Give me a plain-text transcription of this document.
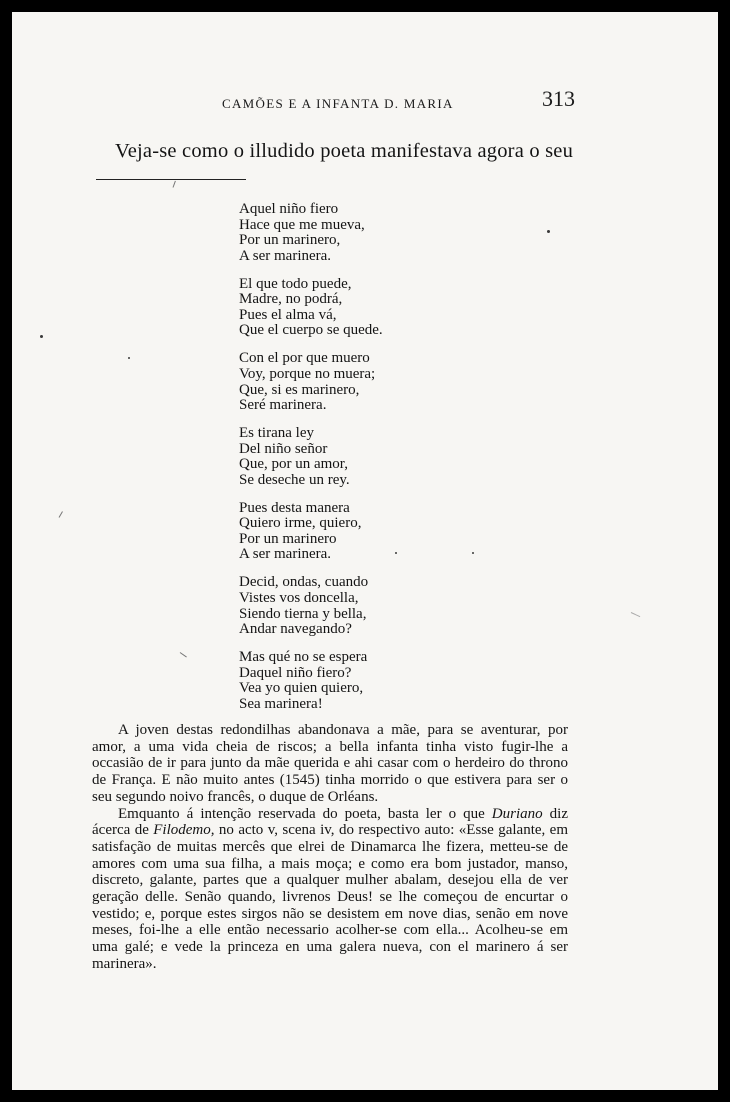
CAMÕES E A INFANTA D. MARIA	313
Veja-se como o illudido poeta manifestava agora o seu
Aquel niño fiero
Hace que me mueva,
Por un marinero,
A ser marinera.
El que todo puede,
Madre, no podrá,
Pues el alma vá,
Que el cuerpo se quede.
Con el por que muero
Voy, porque no muera;
Que, si es marinero,
Seré marinera.
Es tirana ley
Del niño señor
Que, por un amor,
Se deseche un rey.
Pues desta manera
Quiero irme, quiero,
Por un marinero
A ser marinera.
Decid, ondas, cuando
Vistes vos doncella,
Siendo tierna y bella,
Andar navegando?
Mas qué no se espera
Daquel niño fiero?
Vea yo quien quiero,
Sea marinera!

A joven destas redondilhas abandonava a mãe, para se aventurar, por amor, a uma vida cheia de riscos; a bella infanta tinha visto fugir-lhe a occasião de ir para junto da mãe querida e ahi casar com o herdeiro do throno de França. E não muito antes (1545) tinha morrido o que estivera para ser o seu segundo noivo francês, o duque de Orléans.

Emquanto á intenção reservada do poeta, basta ler o que Duriano diz ácerca de Filodemo, no acto v, scena iv, do respectivo auto: «Esse galante, em satisfação de muitas mercês que elrei de Dinamarca lhe fizera, metteu-se de amores com uma sua filha, a mais moça; e como era bom justador, manso, discreto, galante, partes que a qualquer mulher abalam, desejou ella de ver geração delle. Senão quando, livrenos Deus! se lhe começou de encurtar o vestido; e, porque estes sirgos não se desistem em nove dias, senão em nove meses, foi-lhe a elle então necessario acolher-se com ella... Acolheu-se em uma galé; e vede la princeza en uma galera nueva, con el marinero á ser marinera».
